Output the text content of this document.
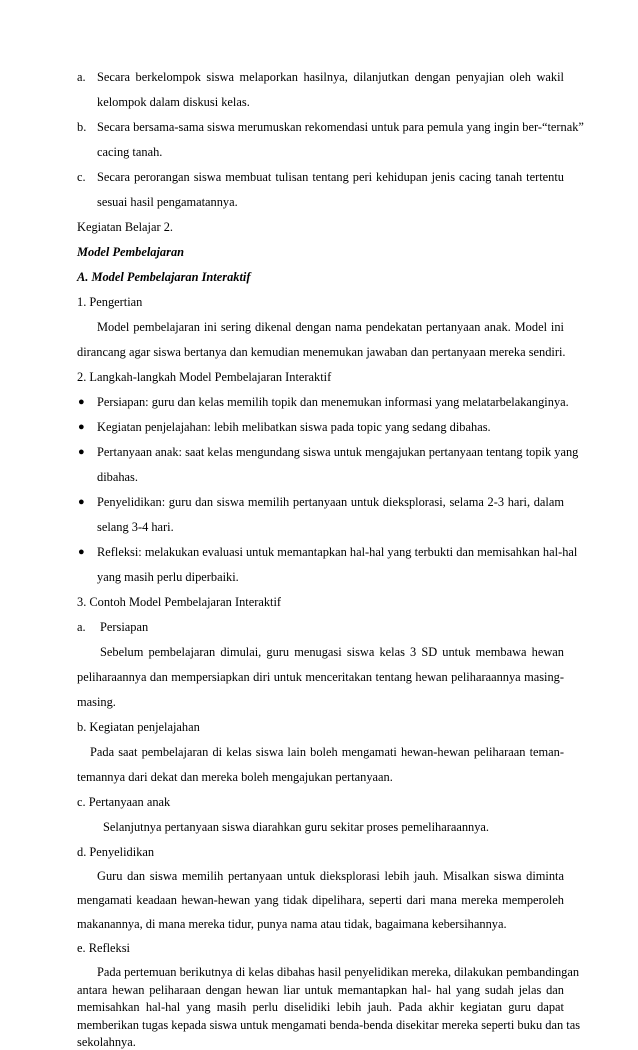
a. Secara berkelompok siswa melaporkan hasilnya, dilanjutkan dengan penyajian oleh wakil
kelompok dalam diskusi kelas.
b. Secara bersama-sama siswa merumuskan rekomendasi untuk para pemula yang ingin ber-“ternak”
cacing tanah.
c. Secara perorangan siswa membuat tulisan tentang peri kehidupan jenis cacing tanah tertentu
sesuai hasil pengamatannya.
Kegiatan Belajar 2.
Model Pembelajaran
A. Model Pembelajaran Interaktif
1. Pengertian
Model pembelajaran ini sering dikenal dengan nama pendekatan pertanyaan anak. Model ini
dirancang agar siswa bertanya dan kemudian menemukan jawaban dan pertanyaan mereka sendiri.
2. Langkah-langkah Model Pembelajaran Interaktif
● Persiapan: guru dan kelas memilih topik dan menemukan informasi yang melatarbelakanginya.
● Kegiatan penjelajahan: lebih melibatkan siswa pada topic yang sedang dibahas.
● Pertanyaan anak: saat kelas mengundang siswa untuk mengajukan pertanyaan tentang topik yang
dibahas.
● Penyelidikan: guru dan siswa memilih pertanyaan untuk dieksplorasi, selama 2-3 hari, dalam
selang 3-4 hari.
● Refleksi: melakukan evaluasi untuk memantapkan hal-hal yang terbukti dan memisahkan hal-hal
yang masih perlu diperbaiki.
3. Contoh Model Pembelajaran Interaktif
a. Persiapan
Sebelum pembelajaran dimulai, guru menugasi siswa kelas 3 SD untuk membawa hewan
peliharaannya dan mempersiapkan diri untuk menceritakan tentang hewan peliharaannya masing-
masing.
b. Kegiatan penjelajahan
Pada saat pembelajaran di kelas siswa lain boleh mengamati hewan-hewan peliharaan teman-
temannya dari dekat dan mereka boleh mengajukan pertanyaan.
c. Pertanyaan anak
Selanjutnya pertanyaan siswa diarahkan guru sekitar proses pemeliharaannya.
d. Penyelidikan
Guru dan siswa memilih pertanyaan untuk dieksplorasi lebih jauh. Misalkan siswa diminta
mengamati keadaan hewan-hewan yang tidak dipelihara, seperti dari mana mereka memperoleh
makanannya, di mana mereka tidur, punya nama atau tidak, bagaimana kebersihannya.
e. Refleksi
Pada pertemuan berikutnya di kelas dibahas hasil penyelidikan mereka, dilakukan pembandingan
antara hewan peliharaan dengan hewan liar untuk memantapkan hal- hal yang sudah jelas dan
memisahkan hal-hal yang masih perlu diselidiki lebih jauh. Pada akhir kegiatan guru dapat
memberikan tugas kepada siswa untuk mengamati benda-benda disekitar mereka seperti buku dan tas
sekolahnya.
